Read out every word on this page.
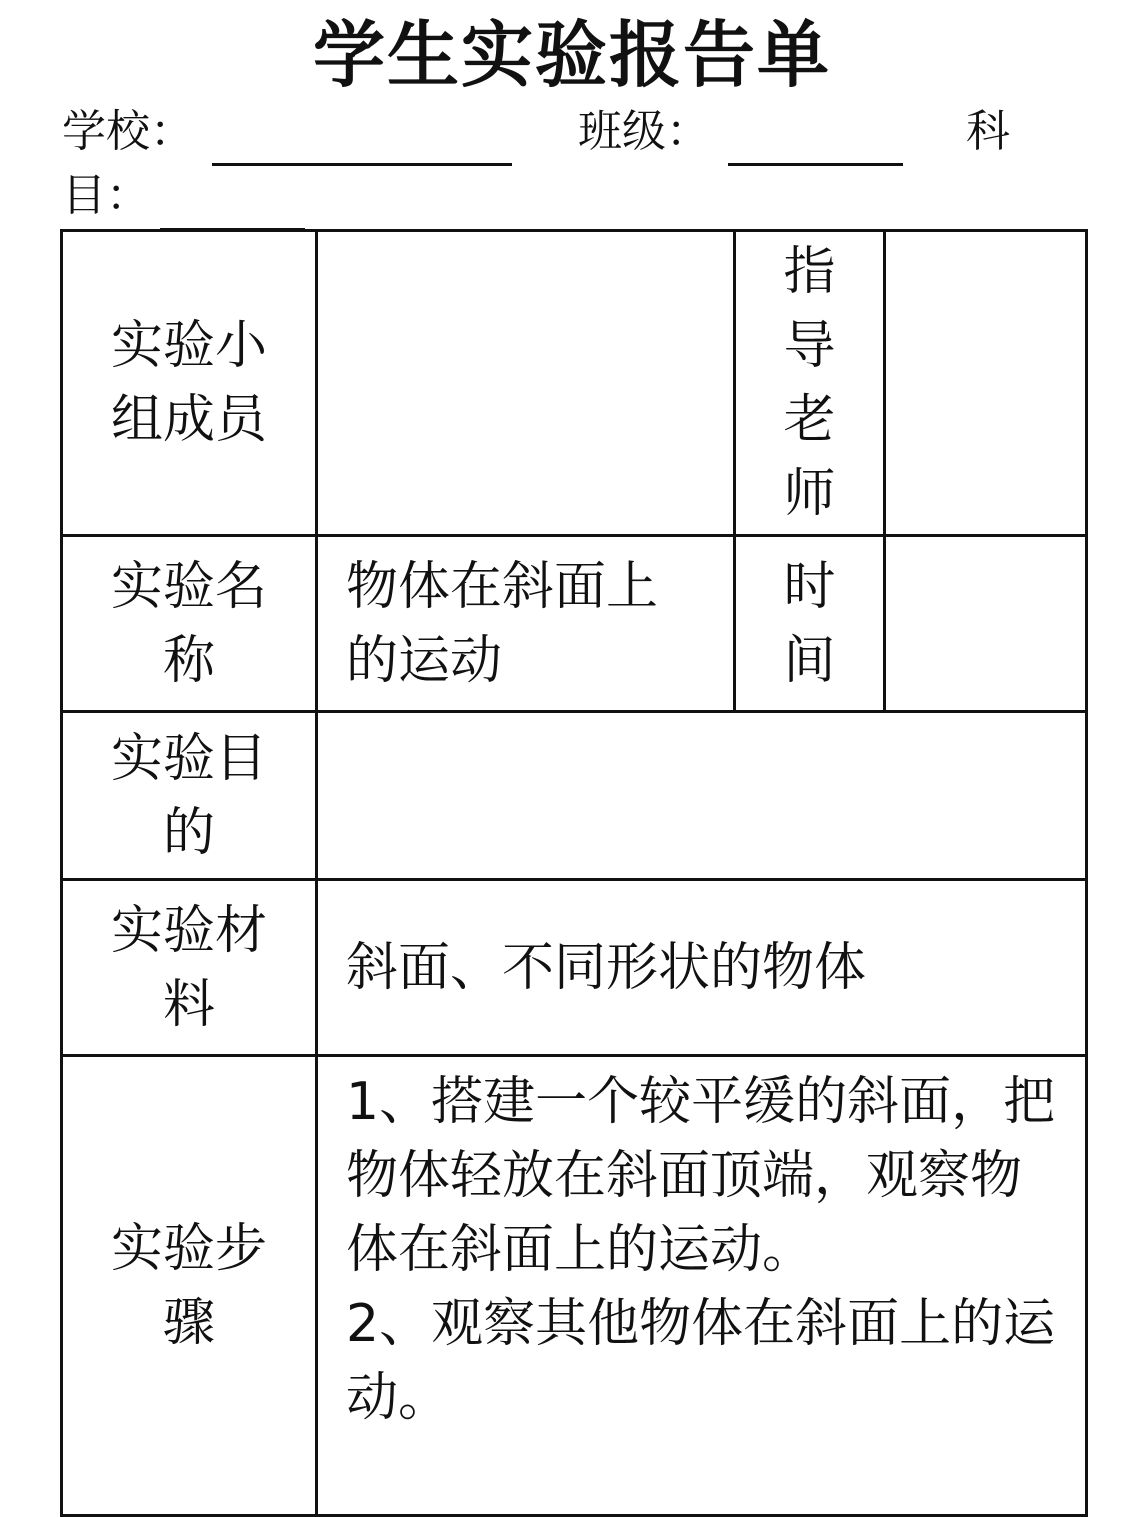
学生实验报告单
学校：	班级：	科
目：
实验小组成员		指导老师	

实验名称	物体在斜面上的运动	时间	

实验目的			
实验材料	斜面、不同形状的物体		
实验步骤	1、搭建一个较平缓的斜面，把物体轻放在斜面顶端，观察物体在斜面上的运动。

2、观察其他物体在斜面上的运动。		
